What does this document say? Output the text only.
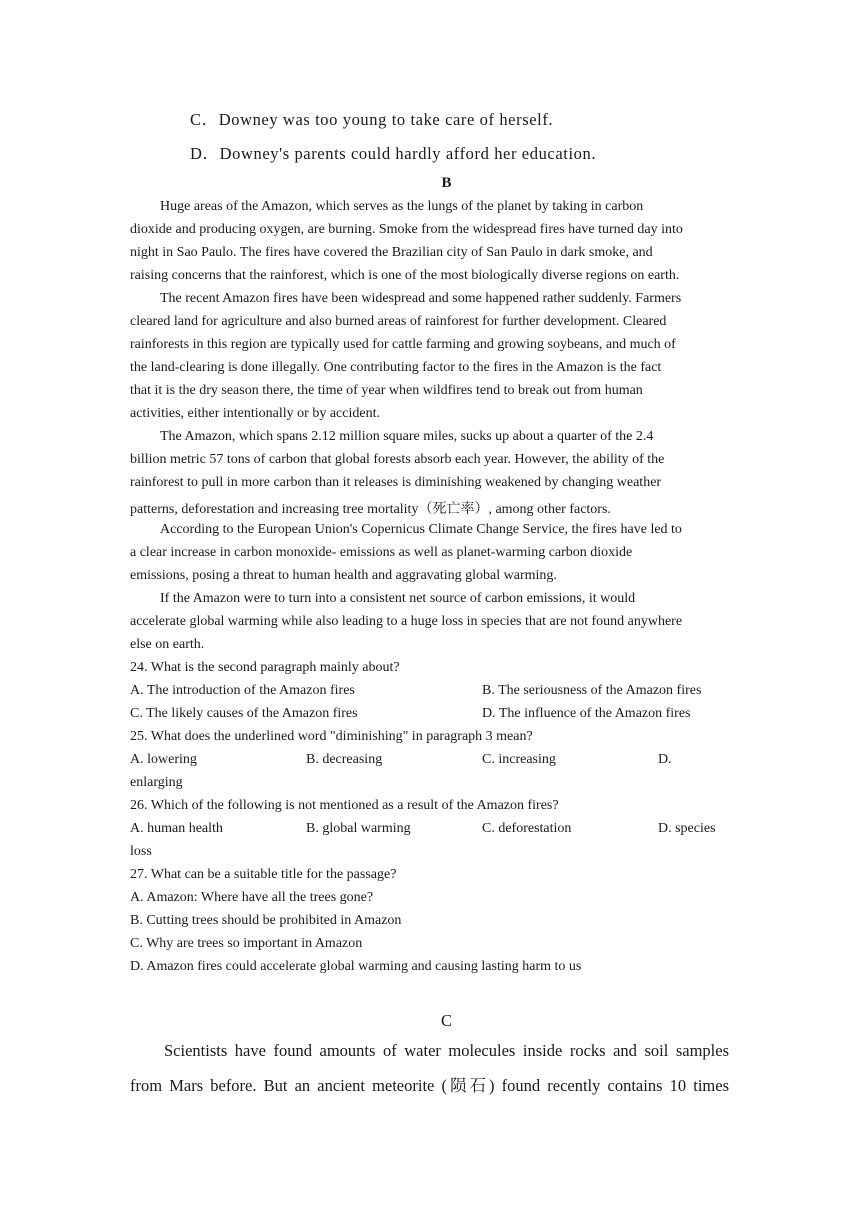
C．Downey was too young to take care of herself.
D．Downey's parents could hardly afford her education.
B
Huge areas of the Amazon, which serves as the lungs of the planet by taking in carbon
dioxide and producing oxygen, are burning. Smoke from the widespread fires have turned day into
night in Sao Paulo. The fires have covered the Brazilian city of San Paulo in dark smoke, and
raising concerns that the rainforest, which is one of the most biologically diverse regions on earth.
The recent Amazon fires have been widespread and some happened rather suddenly. Farmers
cleared land for agriculture and also burned areas of rainforest for further development. Cleared
rainforests in this region are typically used for cattle farming and growing soybeans, and much of
the land-clearing is done illegally. One contributing factor to the fires in the Amazon is the fact
that it is the dry season there, the time of year when wildfires tend to break out from human
activities, either intentionally or by accident.
The Amazon, which spans 2.12 million square miles, sucks up about a quarter of the 2.4
billion metric 57 tons of carbon that global forests absorb each year. However, the ability of the
rainforest to pull in more carbon than it releases is diminishing weakened by changing weather
patterns, deforestation and increasing tree mortality（死亡率）, among other factors.
According to the European Union's Copernicus Climate Change Service, the fires have led to
a clear increase in carbon monoxide- emissions as well as planet-warming carbon dioxide
emissions, posing a threat to human health and aggravating global warming.
If the Amazon were to turn into a consistent net source of carbon emissions, it would
accelerate global warming while also leading to a huge loss in species that are not found anywhere
else on earth.
24. What is the second paragraph mainly about?
A. The introduction of the Amazon fires	B. The seriousness of the Amazon fires
C. The likely causes of the Amazon fires	D. The influence of the Amazon fires
25. What does the underlined word "diminishing" in paragraph 3 mean?
A. lowering	B. decreasing	C. increasing	D.
enlarging
26. Which of the following is not mentioned as a result of the Amazon fires?
A. human health	B. global warming	C. deforestation	D. species
loss
27. What can be a suitable title for the passage?
A. Amazon: Where have all the trees gone?
B. Cutting trees should be prohibited in Amazon
C. Why are trees so important in Amazon
D. Amazon fires could accelerate global warming and causing lasting harm to us
C
Scientists have found amounts of water molecules inside rocks and soil samples
from Mars before. But an ancient meteorite (陨石) found recently contains 10 times
